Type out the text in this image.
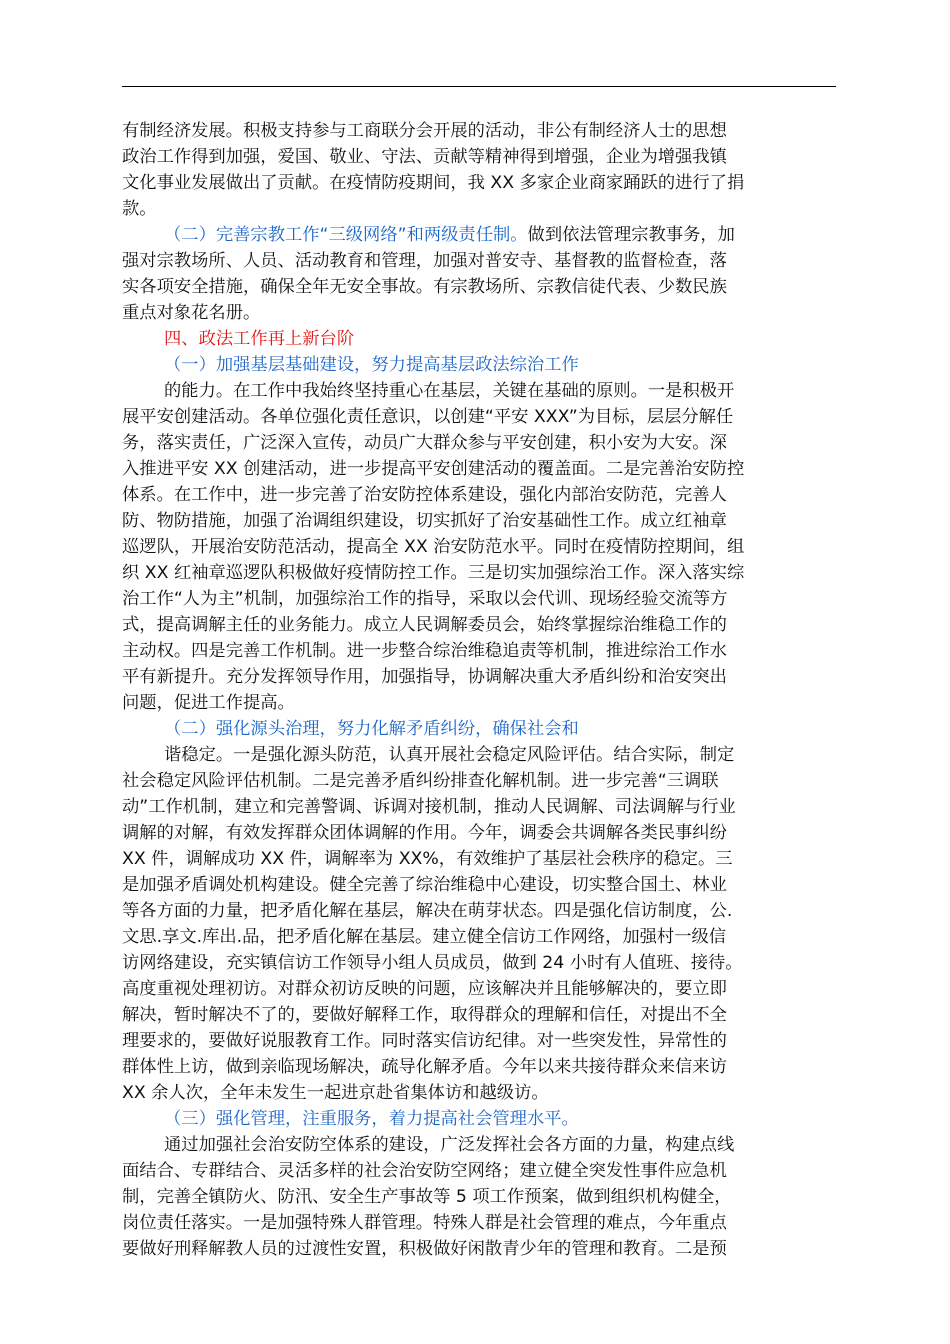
有制经济发展。积极支持参与工商联分会开展的活动，非公有制经济人士的思想
政治工作得到加强，爱国、敬业、守法、贡献等精神得到增强，企业为增强我镇
文化事业发展做出了贡献。在疫情防疫期间，我 XX 多家企业商家踊跃的进行了捐
款。
（二）完善宗教工作“三级网络”和两级责任制。做到依法管理宗教事务，加
强对宗教场所、人员、活动教育和管理，加强对普安寺、基督教的监督检查，落
实各项安全措施，确保全年无安全事故。有宗教场所、宗教信徒代表、少数民族
重点对象花名册。
四、政法工作再上新台阶
（一）加强基层基础建设，努力提高基层政法综治工作
的能力。在工作中我始终坚持重心在基层，关键在基础的原则。一是积极开
展平安创建活动。各单位强化责任意识，以创建“平安 XXX”为目标，层层分解任
务，落实责任，广泛深入宣传，动员广大群众参与平安创建，积小安为大安。深
入推进平安 XX 创建活动，进一步提高平安创建活动的覆盖面。二是完善治安防控
体系。在工作中，进一步完善了治安防控体系建设，强化内部治安防范，完善人
防、物防措施，加强了治调组织建设，切实抓好了治安基础性工作。成立红袖章
巡逻队，开展治安防范活动，提高全 XX 治安防范水平。同时在疫情防控期间，组
织 XX 红袖章巡逻队积极做好疫情防控工作。三是切实加强综治工作。深入落实综
治工作“人为主”机制，加强综治工作的指导，采取以会代训、现场经验交流等方
式，提高调解主任的业务能力。成立人民调解委员会，始终掌握综治维稳工作的
主动权。四是完善工作机制。进一步整合综治维稳追责等机制，推进综治工作水
平有新提升。充分发挥领导作用，加强指导，协调解决重大矛盾纠纷和治安突出
问题，促进工作提高。
（二）强化源头治理，努力化解矛盾纠纷，确保社会和
谐稳定。一是强化源头防范，认真开展社会稳定风险评估。结合实际，制定
社会稳定风险评估机制。二是完善矛盾纠纷排查化解机制。进一步完善“三调联
动”工作机制，建立和完善警调、诉调对接机制，推动人民调解、司法调解与行业
调解的对解，有效发挥群众团体调解的作用。今年，调委会共调解各类民事纠纷
XX 件，调解成功 XX 件，调解率为 XX%，有效维护了基层社会秩序的稳定。三
是加强矛盾调处机构建设。健全完善了综治维稳中心建设，切实整合国土、林业
等各方面的力量，把矛盾化解在基层，解决在萌芽状态。四是强化信访制度，公.
文思.享文.库出.品，把矛盾化解在基层。建立健全信访工作网络，加强村一级信
访网络建设，充实镇信访工作领导小组人员成员，做到 24 小时有人值班、接待。
高度重视处理初访。对群众初访反映的问题，应该解决并且能够解决的，要立即
解决，暂时解决不了的，要做好解释工作，取得群众的理解和信任，对提出不全
理要求的，要做好说服教育工作。同时落实信访纪律。对一些突发性，异常性的
群体性上访，做到亲临现场解决，疏导化解矛盾。今年以来共接待群众来信来访
XX 余人次，全年未发生一起进京赴省集体访和越级访。
（三）强化管理，注重服务，着力提高社会管理水平。
通过加强社会治安防空体系的建设，广泛发挥社会各方面的力量，构建点线
面结合、专群结合、灵活多样的社会治安防空网络；建立健全突发性事件应急机
制，完善全镇防火、防汛、安全生产事故等 5 项工作预案，做到组织机构健全，
岗位责任落实。一是加强特殊人群管理。特殊人群是社会管理的难点，今年重点
要做好刑释解教人员的过渡性安置，积极做好闲散青少年的管理和教育。二是预
